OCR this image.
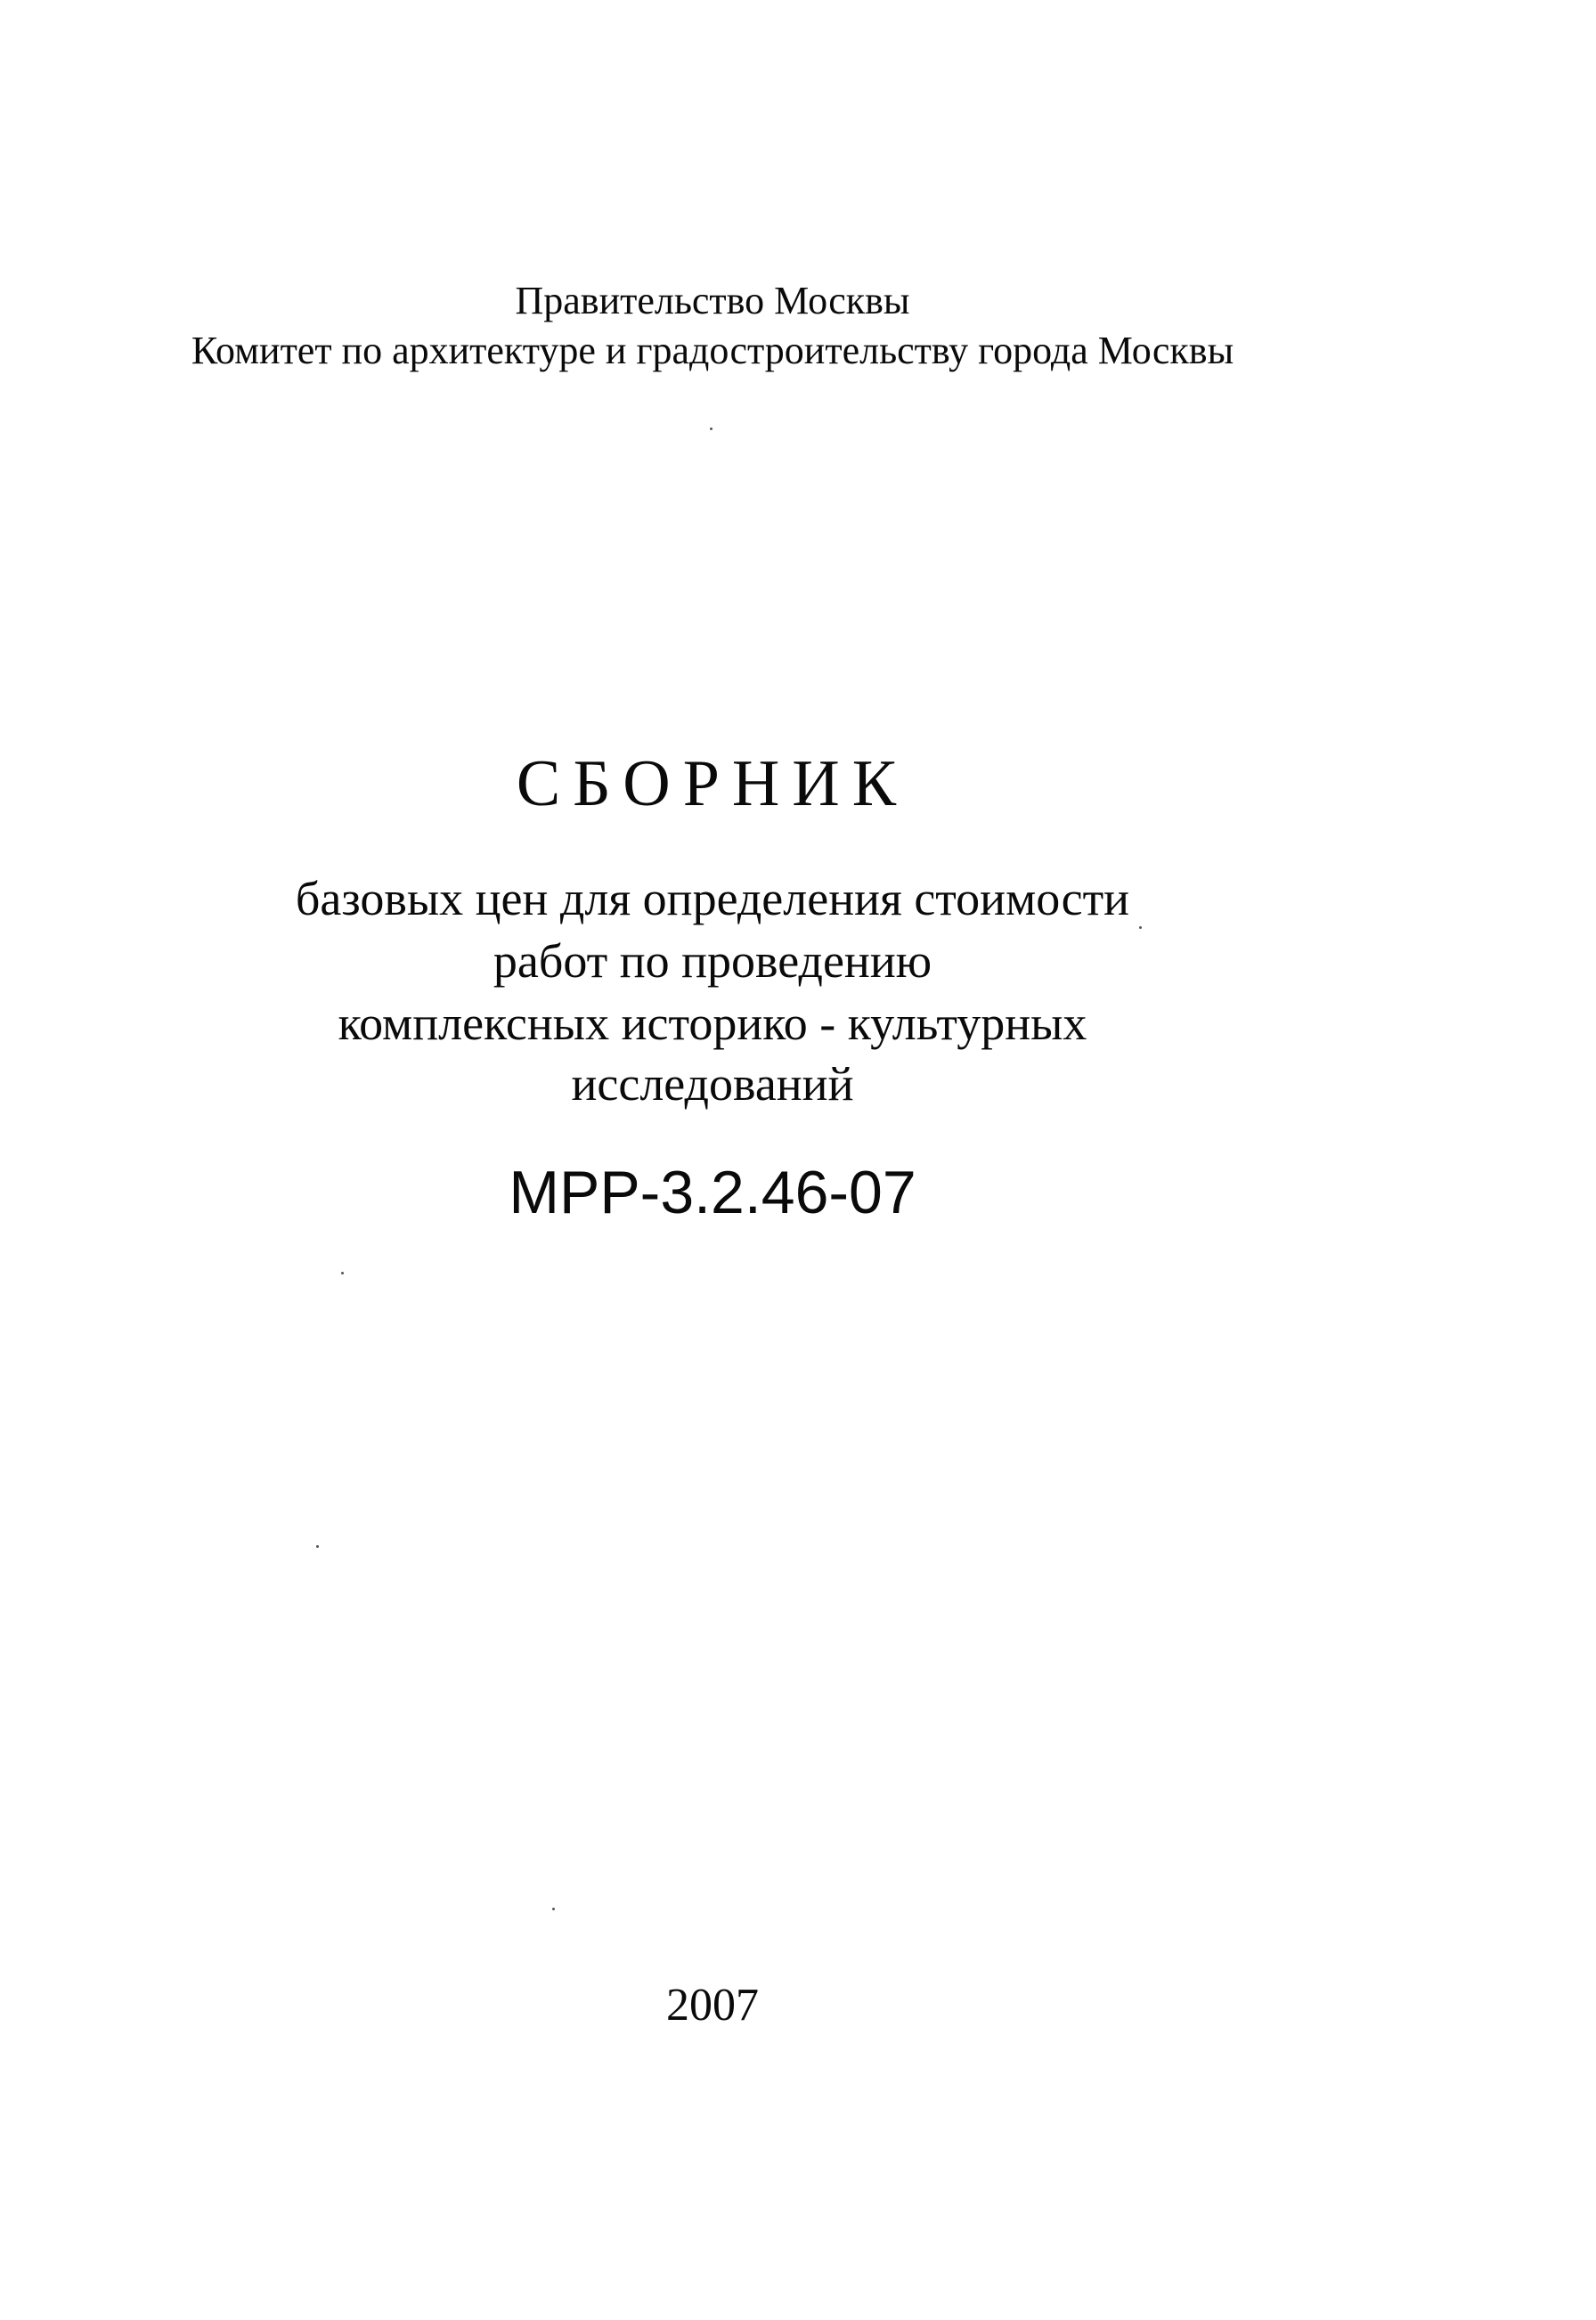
Правительство Москвы
Комитет по архитектуре и градостроительству города Москвы
СБОРНИК
базовых цен для определения стоимости
работ по проведению
комплексных историко - культурных
исследований
МРР-3.2.46-07
2007
